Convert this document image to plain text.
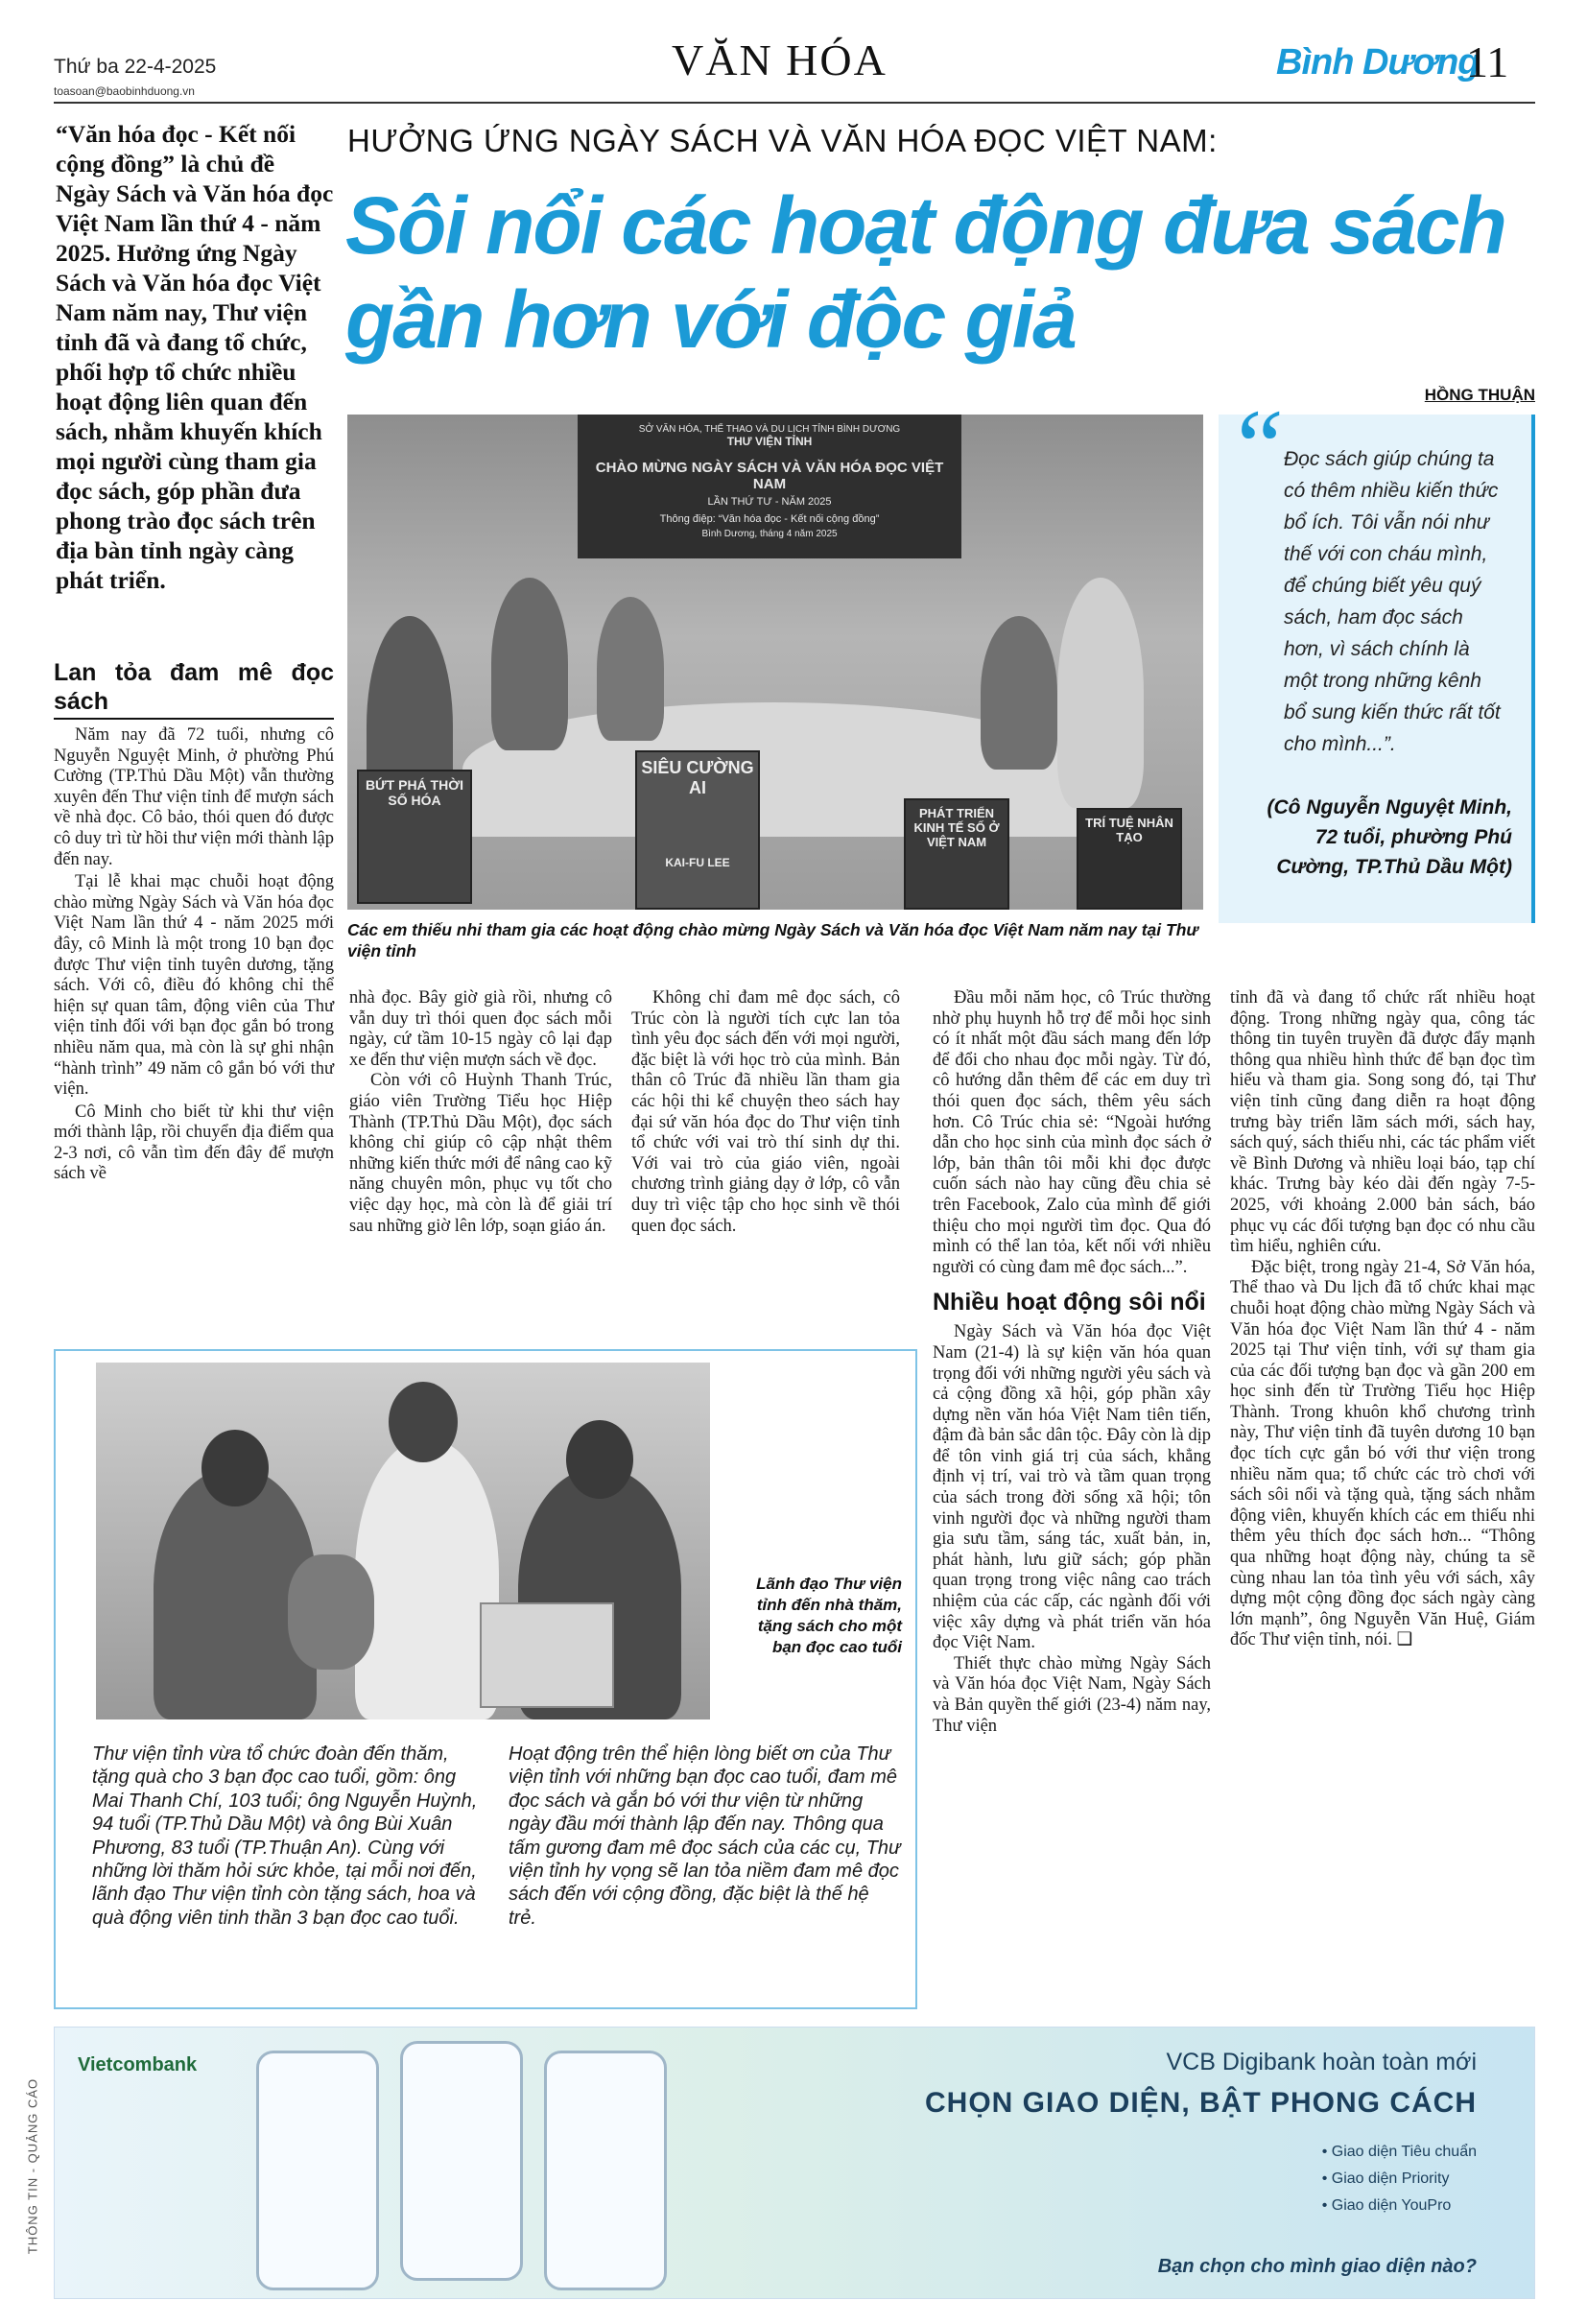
Thứ ba 22-4-2025
toasoan@baobinhduong.vn
VĂN HÓA	Bình Dương
11
“Văn hóa đọc - Kết nối cộng đồng” là chủ đề Ngày Sách và Văn hóa đọc Việt Nam lần thứ 4 - năm 2025. Hưởng ứng Ngày Sách và Văn hóa đọc Việt Nam năm nay, Thư viện tỉnh đã và đang tổ chức, phối hợp tổ chức nhiều hoạt động liên quan đến sách, nhằm khuyến khích mọi người cùng tham gia đọc sách, góp phần đưa phong trào đọc sách trên địa bàn tỉnh ngày càng phát triển.
HƯỞNG ỨNG NGÀY SÁCH VÀ VĂN HÓA ĐỌC VIỆT NAM:
Sôi nổi các hoạt động đưa sách gần hơn với độc giả
HỒNG THUẬN
SỞ VĂN HÓA, THỂ THAO VÀ DU LỊCH TỈNH BÌNH DƯƠNG
THƯ VIỆN TỈNH
CHÀO MỪNG NGÀY SÁCH VÀ VĂN HÓA ĐỌC VIỆT NAM
LẦN THỨ TƯ - NĂM 2025
Thông điệp: “Văn hóa đọc - Kết nối cộng đồng”
Bình Dương, tháng 4 năm 2025
BỨT PHÁ THỜI SỐ HÓA
SIÊU CƯỜNG AI
KAI-FU LEE
PHÁT TRIỂN KINH TẾ SỐ Ở VIỆT NAM
TRÍ TUỆ NHÂN TẠO
Các em thiếu nhi tham gia các hoạt động chào mừng Ngày Sách và Văn hóa đọc Việt Nam năm nay tại Thư viện tỉnh
“
Đọc sách giúp chúng ta có thêm nhiều kiến thức bổ ích. Tôi vẫn nói như thế với con cháu mình, để chúng biết yêu quý sách, ham đọc sách hơn, vì sách chính là một trong những kênh bổ sung kiến thức rất tốt cho mình...”.
(Cô Nguyễn Nguyệt Minh, 72 tuổi, phường Phú Cường, TP.Thủ Dầu Một)
Lan tỏa đam mê đọc sách

Năm nay đã 72 tuổi, nhưng cô Nguyễn Nguyệt Minh, ở phường Phú Cường (TP.Thủ Dầu Một) vẫn thường xuyên đến Thư viện tỉnh để mượn sách về nhà đọc. Cô bảo, thói quen đó được cô duy trì từ hồi thư viện mới thành lập đến nay.

Tại lễ khai mạc chuỗi hoạt động chào mừng Ngày Sách và Văn hóa đọc Việt Nam lần thứ 4 - năm 2025 mới đây, cô Minh là một trong 10 bạn đọc được Thư viện tỉnh tuyên dương, tặng sách. Với cô, điều đó không chỉ thể hiện sự quan tâm, động viên của Thư viện tỉnh đối với bạn đọc gắn bó trong nhiều năm qua, mà còn là sự ghi nhận “hành trình” 49 năm cô gắn bó với thư viện.

Cô Minh cho biết từ khi thư viện mới thành lập, rồi chuyển địa điểm qua 2-3 nơi, cô vẫn tìm đến đây để mượn sách về

nhà đọc. Bây giờ già rồi, nhưng cô vẫn duy trì thói quen đọc sách mỗi ngày, cứ tầm 10-15 ngày cô lại đạp xe đến thư viện mượn sách về đọc.

Còn với cô Huỳnh Thanh Trúc, giáo viên Trường Tiểu học Hiệp Thành (TP.Thủ Dầu Một), đọc sách không chỉ giúp cô cập nhật thêm những kiến thức mới để nâng cao kỹ năng chuyên môn, phục vụ tốt cho việc dạy học, mà còn là để giải trí sau những giờ lên lớp, soạn giáo án.

Không chỉ đam mê đọc sách, cô Trúc còn là người tích cực lan tỏa tình yêu đọc sách đến với mọi người, đặc biệt là với học trò của mình. Bản thân cô Trúc đã nhiều lần tham gia các hội thi kể chuyện theo sách hay đại sứ văn hóa đọc do Thư viện tỉnh tổ chức với vai trò thí sinh dự thi. Với vai trò của giáo viên, ngoài chương trình giảng dạy ở lớp, cô vẫn duy trì việc tập cho học sinh về thói quen đọc sách.

Đầu mỗi năm học, cô Trúc thường nhờ phụ huynh hỗ trợ để mỗi học sinh có ít nhất một đầu sách mang đến lớp để đổi cho nhau đọc mỗi ngày. Từ đó, cô hướng dẫn thêm để các em duy trì thói quen đọc sách, thêm yêu sách hơn. Cô Trúc chia sẻ: “Ngoài hướng dẫn cho học sinh của mình đọc sách ở lớp, bản thân tôi mỗi khi đọc được cuốn sách nào hay cũng đều chia sẻ trên Facebook, Zalo của mình để giới thiệu cho mọi người tìm đọc. Qua đó mình có thể lan tỏa, kết nối với nhiều người có cùng đam mê đọc sách...”.

Nhiều hoạt động sôi nổi

Ngày Sách và Văn hóa đọc Việt Nam (21-4) là sự kiện văn hóa quan trọng đối với những người yêu sách và cả cộng đồng xã hội, góp phần xây dựng nền văn hóa Việt Nam tiên tiến, đậm đà bản sắc dân tộc. Đây còn là dịp để tôn vinh giá trị của sách, khẳng định vị trí, vai trò và tầm quan trọng của sách trong đời sống xã hội; tôn vinh người đọc và những người tham gia sưu tầm, sáng tác, xuất bản, in, phát hành, lưu giữ sách; góp phần quan trọng trong việc nâng cao trách nhiệm của các cấp, các ngành đối với việc xây dựng và phát triển văn hóa đọc Việt Nam.

Thiết thực chào mừng Ngày Sách và Văn hóa đọc Việt Nam, Ngày Sách và Bản quyền thế giới (23-4) năm nay, Thư viện

tỉnh đã và đang tổ chức rất nhiều hoạt động. Trong những ngày qua, công tác thông tin tuyên truyền đã được đẩy mạnh thông qua nhiều hình thức để bạn đọc tìm hiểu và tham gia. Song song đó, tại Thư viện tỉnh cũng đang diễn ra hoạt động trưng bày triển lãm sách mới, sách hay, sách quý, sách thiếu nhi, các tác phẩm viết về Bình Dương và nhiều loại báo, tạp chí khác. Trưng bày kéo dài đến ngày 7-5-2025, với khoảng 2.000 bản sách, báo phục vụ các đối tượng bạn đọc có nhu cầu tìm hiểu, nghiên cứu.

Đặc biệt, trong ngày 21-4, Sở Văn hóa, Thể thao và Du lịch đã tổ chức khai mạc chuỗi hoạt động chào mừng Ngày Sách và Văn hóa đọc Việt Nam lần thứ 4 - năm 2025 tại Thư viện tỉnh, với sự tham gia của các đối tượng bạn đọc và gần 200 em học sinh đến từ Trường Tiểu học Hiệp Thành. Trong khuôn khổ chương trình này, Thư viện tỉnh đã tuyên dương 10 bạn đọc tích cực gắn bó với thư viện trong nhiều năm qua; tổ chức các trò chơi với sách sôi nổi và tặng quà, tặng sách nhằm động viên, khuyến khích các em thiếu nhi thêm yêu thích đọc sách hơn... “Thông qua những hoạt động này, chúng ta sẽ cùng nhau lan tỏa tình yêu với sách, xây dựng một cộng đồng đọc sách ngày càng lớn mạnh”, ông Nguyễn Văn Huệ, Giám đốc Thư viện tỉnh, nói. ❑

Lãnh đạo Thư viện tỉnh đến nhà thăm, tặng sách cho một bạn đọc cao tuổi
Thư viện tỉnh vừa tổ chức đoàn đến thăm, tặng quà cho 3 bạn đọc cao tuổi, gồm: ông Mai Thanh Chí, 103 tuổi; ông Nguyễn Huỳnh, 94 tuổi (TP.Thủ Dầu Một) và ông Bùi Xuân Phương, 83 tuổi (TP.Thuận An). Cùng với những lời thăm hỏi sức khỏe, tại mỗi nơi đến, lãnh đạo Thư viện tỉnh còn tặng sách, hoa và quà động viên tinh thần 3 bạn đọc cao tuổi.
Hoạt động trên thể hiện lòng biết ơn của Thư viện tỉnh với những bạn đọc cao tuổi, đam mê đọc sách và gắn bó với thư viện từ những ngày đầu mới thành lập đến nay. Thông qua tấm gương đam mê đọc sách của các cụ, Thư viện tỉnh hy vọng sẽ lan tỏa niềm đam mê đọc sách đến với cộng đồng, đặc biệt là thế hệ trẻ.
THÔNG TIN - QUẢNG CÁO
Vietcombank	VCB Digibank hoàn toàn mới
CHỌN GIAO DIỆN, BẬT PHONG CÁCH
• Giao diện Tiêu chuẩn
• Giao diện Priority
• Giao diện YouPro
Bạn chọn cho mình giao diện nào?
